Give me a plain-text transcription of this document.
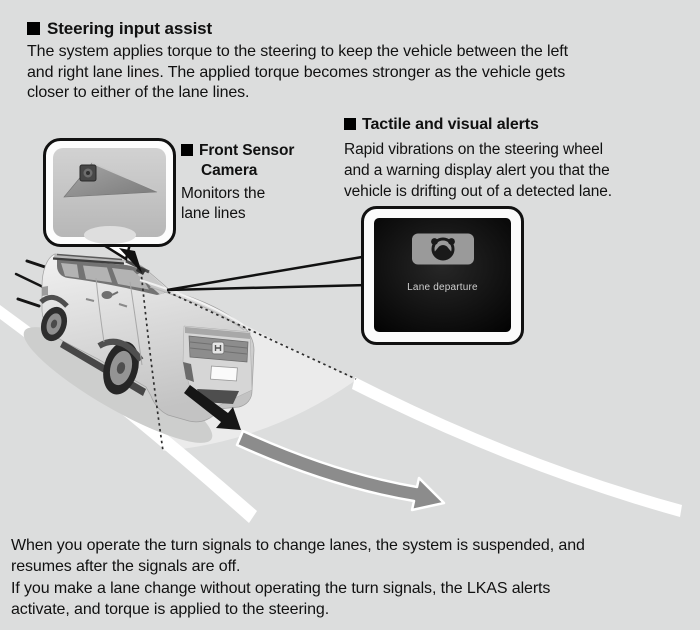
Steering input assist
The system applies torque to the steering to keep the vehicle between the left
and right lane lines. The applied torque becomes stronger as the vehicle gets
closer to either of the lane lines.
Front Sensor
Camera
Monitors the
lane lines
Tactile and visual alerts
Rapid vibrations on the steering wheel
and a warning display alert you that the
vehicle is drifting out of a detected lane.
Lane departure
When you operate the turn signals to change lanes, the system is suspended, and
resumes after the signals are off.
If you make a lane change without operating the turn signals, the LKAS alerts
activate, and torque is applied to the steering.
